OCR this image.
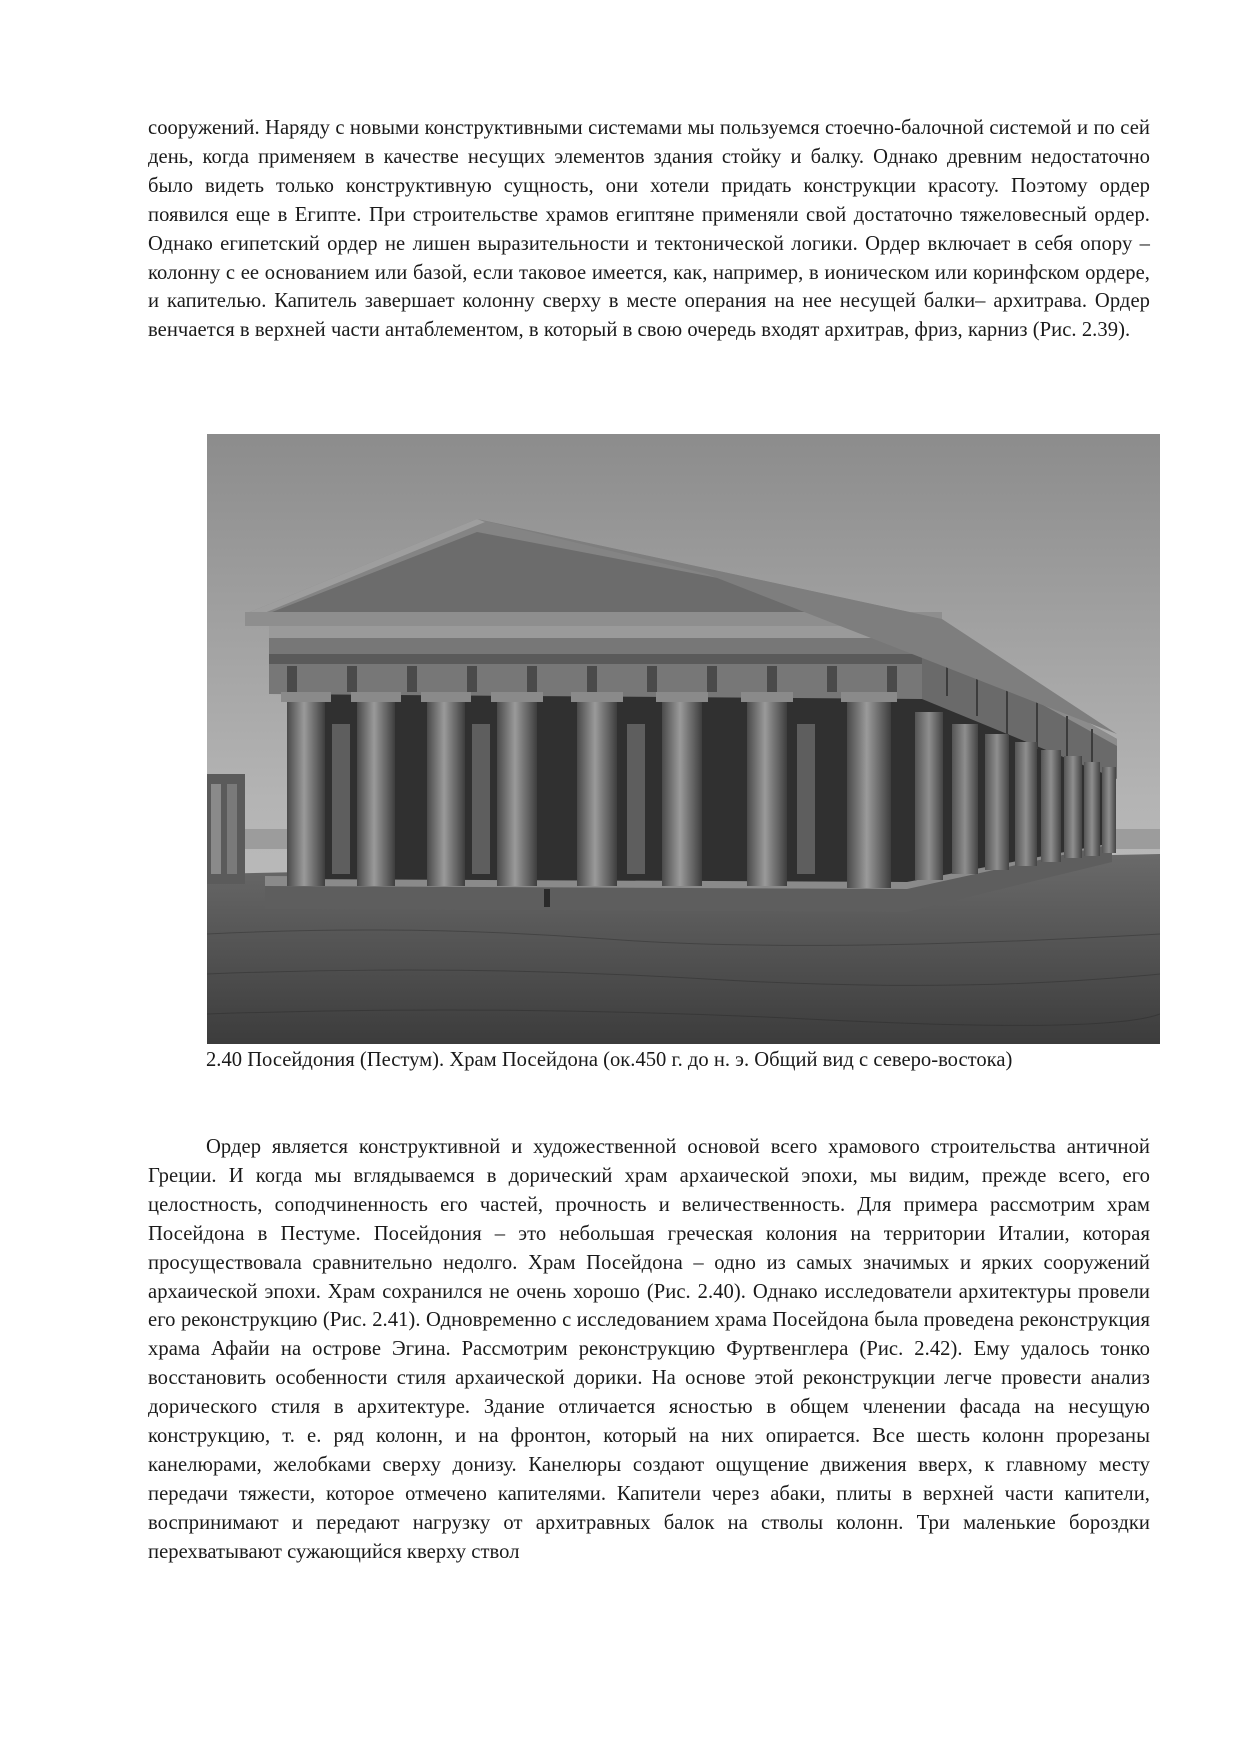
сооружений. Наряду с новыми конструктивными системами мы пользуемся стоечно-балочной системой и по сей день, когда применяем в качестве несущих элементов здания стойку и балку. Однако древним недостаточно было видеть только конструктивную сущность, они хотели придать конструкции красоту. Поэтому ордер появился еще в Египте. При строительстве храмов египтяне применяли свой достаточно тяжеловесный ордер. Однако египетский ордер не лишен выразительности и тектонической логики. Ордер включает в себя опору – колонну с ее основанием или базой, если таковое имеется, как, например, в ионическом или коринфском ордере, и капителью. Капитель завершает колонну сверху в месте операния на нее несущей балки– архитрава. Ордер венчается в верхней части антаблементом, в который в свою очередь входят архитрав, фриз, карниз (Рис. 2.39).

2.40 Посейдония (Пестум). Храм Посейдона (ок.450 г. до н. э. Общий вид с северо-востока)

Ордер является конструктивной и художественной основой всего храмового строительства античной Греции. И когда мы вглядываемся в дорический храм архаической эпохи, мы видим, прежде всего, его целостность, соподчиненность его частей, прочность и величественность. Для примера рассмотрим храм Посейдона в Пестуме. Посейдония – это небольшая греческая колония на территории Италии, которая просуществовала сравнительно недолго. Храм Посейдона – одно из самых значимых и ярких сооружений архаической эпохи. Храм сохранился не очень хорошо (Рис. 2.40). Однако исследователи архитектуры провели его реконструкцию (Рис. 2.41). Одновременно с исследованием храма Посейдона была проведена реконструкция храма Афайи на острове Эгина. Рассмотрим реконструкцию Фуртвенглера (Рис. 2.42). Ему удалось тонко восстановить особенности стиля архаической дорики. На основе этой реконструкции легче провести анализ дорического стиля в архитектуре. Здание отличается ясностью в общем членении фасада на несущую конструкцию, т. е. ряд колонн, и на фронтон, который на них опирается. Все шесть колонн прорезаны канелюрами, желобками сверху донизу. Канелюры создают ощущение движения вверх, к главному месту передачи тяжести, которое отмечено капителями. Капители через абаки, плиты в верхней части капители, воспринимают и передают нагрузку от архитравных балок на стволы колонн. Три маленькие бороздки перехватывают сужающийся кверху ствол
